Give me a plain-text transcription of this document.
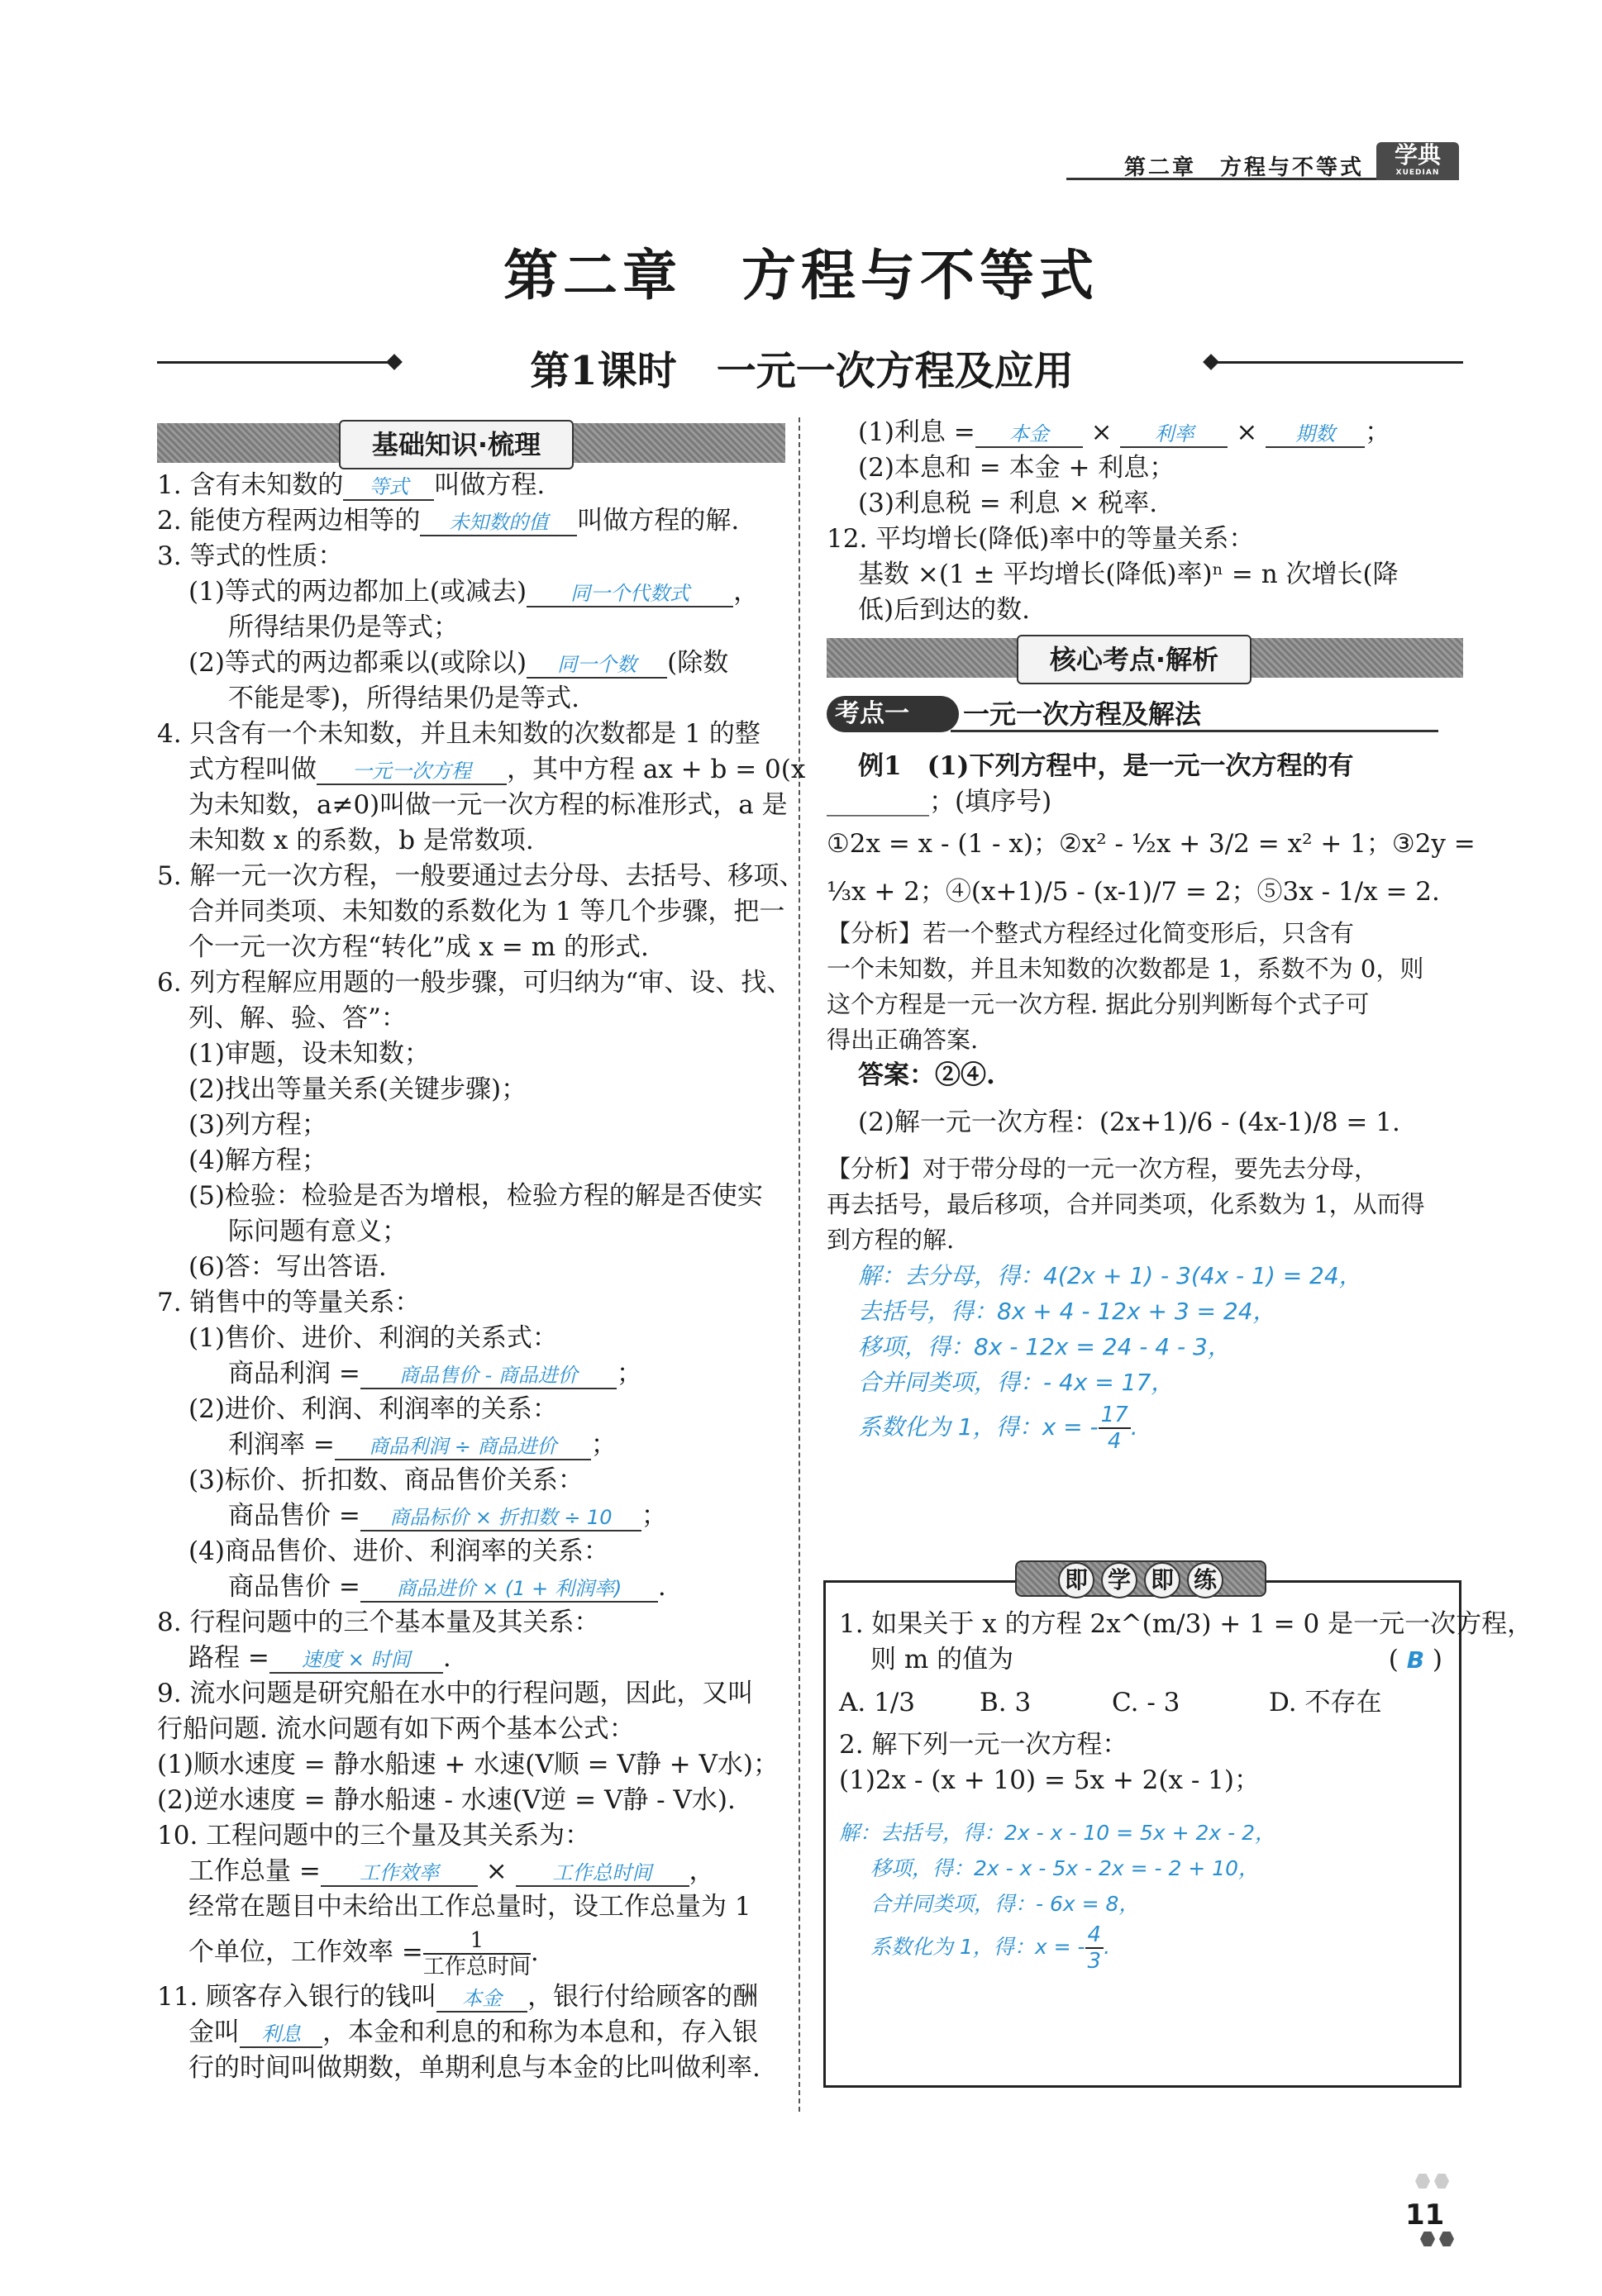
第二章　方程与不等式	学典
XUEDIAN
第二章　方程与不等式
第1课时　一元一次方程及应用
基础知识·梳理

1. 含有未知数的 等式 叫做方程.

2. 能使方程两边相等的 未知数的值 叫做方程的解.

3. 等式的性质：

(1)等式的两边都加上(或减去) 同一个代数式 ，

所得结果仍是等式；

(2)等式的两边都乘以(或除以) 同一个数 (除数

不能是零)，所得结果仍是等式.

4. 只含有一个未知数，并且未知数的次数都是 1 的整

式方程叫做 一元一次方程 ，其中方程 ax + b = 0(x

为未知数，a≠0)叫做一元一次方程的标准形式，a 是

未知数 x 的系数，b 是常数项.

5. 解一元一次方程，一般要通过去分母、去括号、移项、

合并同类项、未知数的系数化为 1 等几个步骤，把一

个一元一次方程“转化”成 x = m 的形式.

6. 列方程解应用题的一般步骤，可归纳为“审、设、找、

列、解、验、答”：

(1)审题，设未知数；

(2)找出等量关系(关键步骤)；

(3)列方程；

(4)解方程；

(5)检验：检验是否为增根，检验方程的解是否使实

际问题有意义；

(6)答：写出答语.

7. 销售中的等量关系：

(1)售价、进价、利润的关系式：

商品利润 = 商品售价 - 商品进价 ；

(2)进价、利润、利润率的关系：

利润率 = 商品利润 ÷ 商品进价 ；

(3)标价、折扣数、商品售价关系：

商品售价 = 商品标价 × 折扣数 ÷ 10 ；

(4)商品售价、进价、利润率的关系：

商品售价 = 商品进价 × (1 + 利润率) .

8. 行程问题中的三个基本量及其关系：

路程 = 速度 × 时间 .

9. 流水问题是研究船在水中的行程问题，因此，又叫

行船问题. 流水问题有如下两个基本公式：

(1)顺水速度 = 静水船速 + 水速(V顺 = V静 + V水)；

(2)逆水速度 = 静水船速 - 水速(V逆 = V静 - V水).

10. 工程问题中的三个量及其关系为：

工作总量 = 工作效率 × 工作总时间 ，

经常在题目中未给出工作总量时，设工作总量为 1

个单位，工作效率 = $\frac{1}{\text{工作总时间}}$ .

11. 顾客存入银行的钱叫 本金 ，银行付给顾客的酬

金叫 利息 ，本金和利息的和称为本息和，存入银

行的时间叫做期数，单期利息与本金的比叫做利率.

(1)利息 = 本金 × 利率 × 期数 ；

(2)本息和 = 本金 + 利息；

(3)利息税 = 利息 × 税率.

12. 平均增长(降低)率中的等量关系：

基数 ×(1 ± 平均增长(降低)率)ⁿ = n 次增长(降

低)后到达的数.

核心考点·解析
考点一	一元一次方程及解法

例1　(1)下列方程中，是一元一次方程的有

________；(填序号)

①2x = x - (1 - x)；②x² - ½x + 3/2 = x² + 1；③2y =

⅓x + 2；④(x+1)/5 - (x-1)/7 = 2；⑤3x - 1/x = 2.

【分析】若一个整式方程经过化简变形后，只含有

一个未知数，并且未知数的次数都是 1，系数不为 0，则

这个方程是一元一次方程. 据此分别判断每个式子可

得出正确答案.

答案：②④.

(2)解一元一次方程：(2x+1)/6 - (4x-1)/8 = 1.

【分析】对于带分母的一元一次方程，要先去分母，

再去括号，最后移项，合并同类项，化系数为 1，从而得

到方程的解.

解：去分母，得：4(2x + 1) - 3(4x - 1) = 24，

去括号，得：8x + 4 - 12x + 3 = 24，

移项，得：8x - 12x = 24 - 4 - 3，

合并同类项，得：- 4x = 17，

系数化为 1，得：x = - $\frac{17}{4}$ .

即 学 即 练

1. 如果关于 x 的方程 2x^(m/3) + 1 = 0 是一元一次方程，

则 m 的值为	( B )

A. 1/3	B. 3	C. - 3	D. 不存在

2. 解下列一元一次方程：

(1)2x - (x + 10) = 5x + 2(x - 1)；

解：去括号，得：2x - x - 10 = 5x + 2x - 2，

移项，得：2x - x - 5x - 2x = - 2 + 10，

合并同类项，得：- 6x = 8，

系数化为 1，得：x = - $\frac{4}{3}$ .

11
